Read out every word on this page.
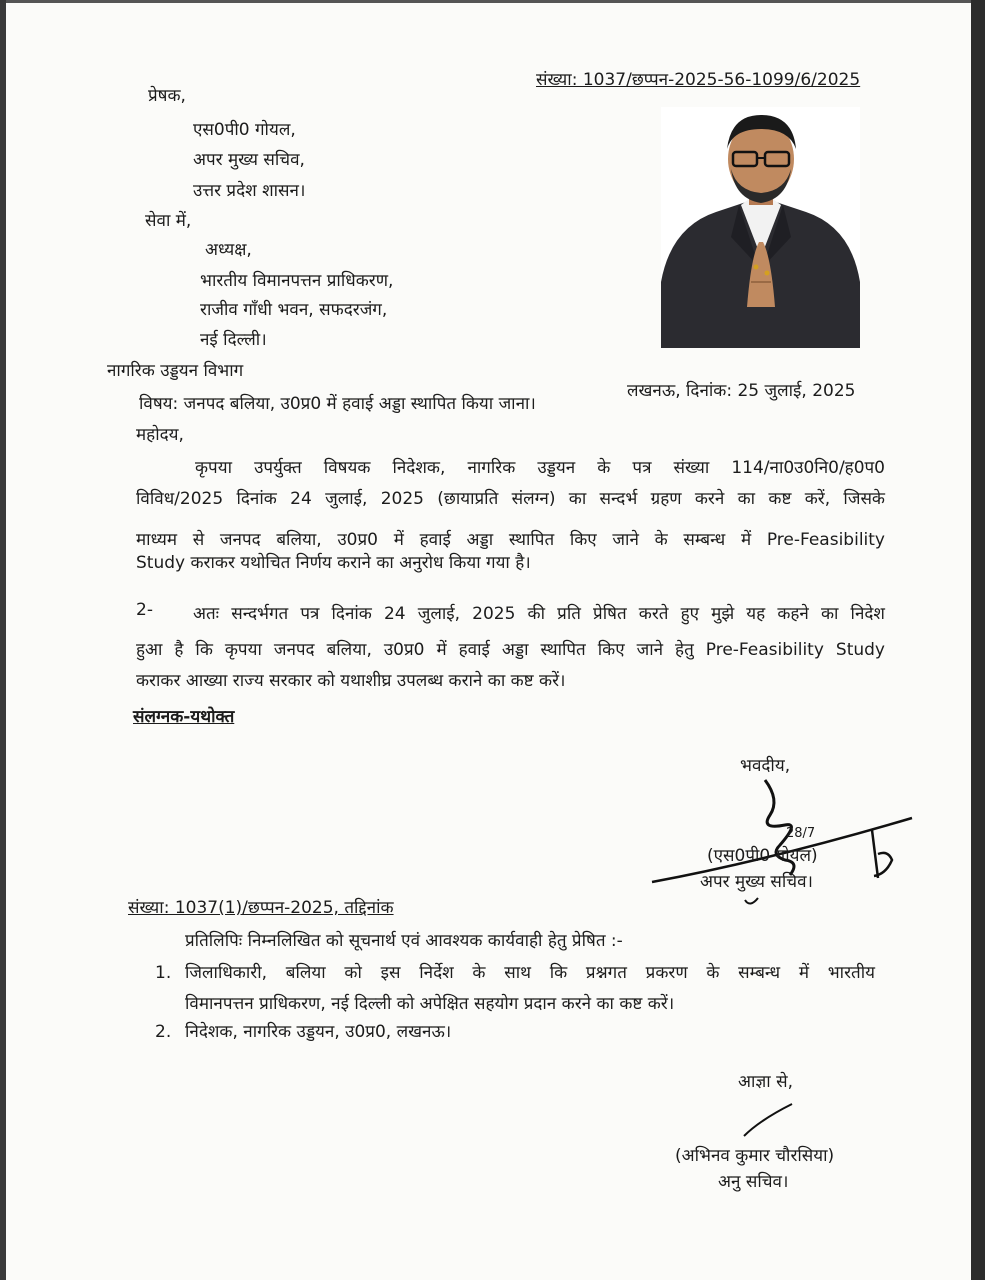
संख्या: 1037/छप्पन-2025-56-1099/6/2025
प्रेषक,
एस0पी0 गोयल,
अपर मुख्य सचिव,
उत्तर प्रदेश शासन।
सेवा में,
अध्यक्ष,
भारतीय विमानपत्तन प्राधिकरण,
राजीव गाँधी भवन, सफदरजंग,
नई दिल्ली।
नागरिक उड्डयन विभाग
लखनऊ, दिनांक: 25 जुलाई, 2025
विषय: जनपद बलिया, उ0प्र0 में हवाई अड्डा स्थापित किया जाना।
महोदय,
कृपया उपर्युक्त विषयक निदेशक, नागरिक उड्डयन के पत्र संख्या 114/ना0उ0नि0/ह0प0
विविध/2025 दिनांक 24 जुलाई, 2025 (छायाप्रति संलग्न) का सन्दर्भ ग्रहण करने का कष्ट करें, जिसके
माध्यम से जनपद बलिया, उ0प्र0 में हवाई अड्डा स्थापित किए जाने के सम्बन्ध में Pre-Feasibility
Study कराकर यथोचित निर्णय कराने का अनुरोध किया गया है।
2- अतः सन्दर्भगत पत्र दिनांक 24 जुलाई, 2025 की प्रति प्रेषित करते हुए मुझे यह कहने का निदेश
हुआ है कि कृपया जनपद बलिया, उ0प्र0 में हवाई अड्डा स्थापित किए जाने हेतु Pre-Feasibility Study
कराकर आख्या राज्य सरकार को यथाशीघ्र उपलब्ध कराने का कष्ट करें।
संलग्नक-यथोक्त
भवदीय,
28/7
(एस0पी0 गोयल)
अपर मुख्य सचिव।
संख्या: 1037(1)/छप्पन-2025, तद्दिनांक
प्रतिलिपिः निम्नलिखित को सूचनार्थ एवं आवश्यक कार्यवाही हेतु प्रेषित :-
1. जिलाधिकारी, बलिया को इस निर्देश के साथ कि प्रश्नगत प्रकरण के सम्बन्ध में भारतीय
विमानपत्तन प्राधिकरण, नई दिल्ली को अपेक्षित सहयोग प्रदान करने का कष्ट करें।
2. निदेशक, नागरिक उड्डयन, उ0प्र0, लखनऊ।
आज्ञा से,
(अभिनव कुमार चौरसिया)
अनु सचिव।
